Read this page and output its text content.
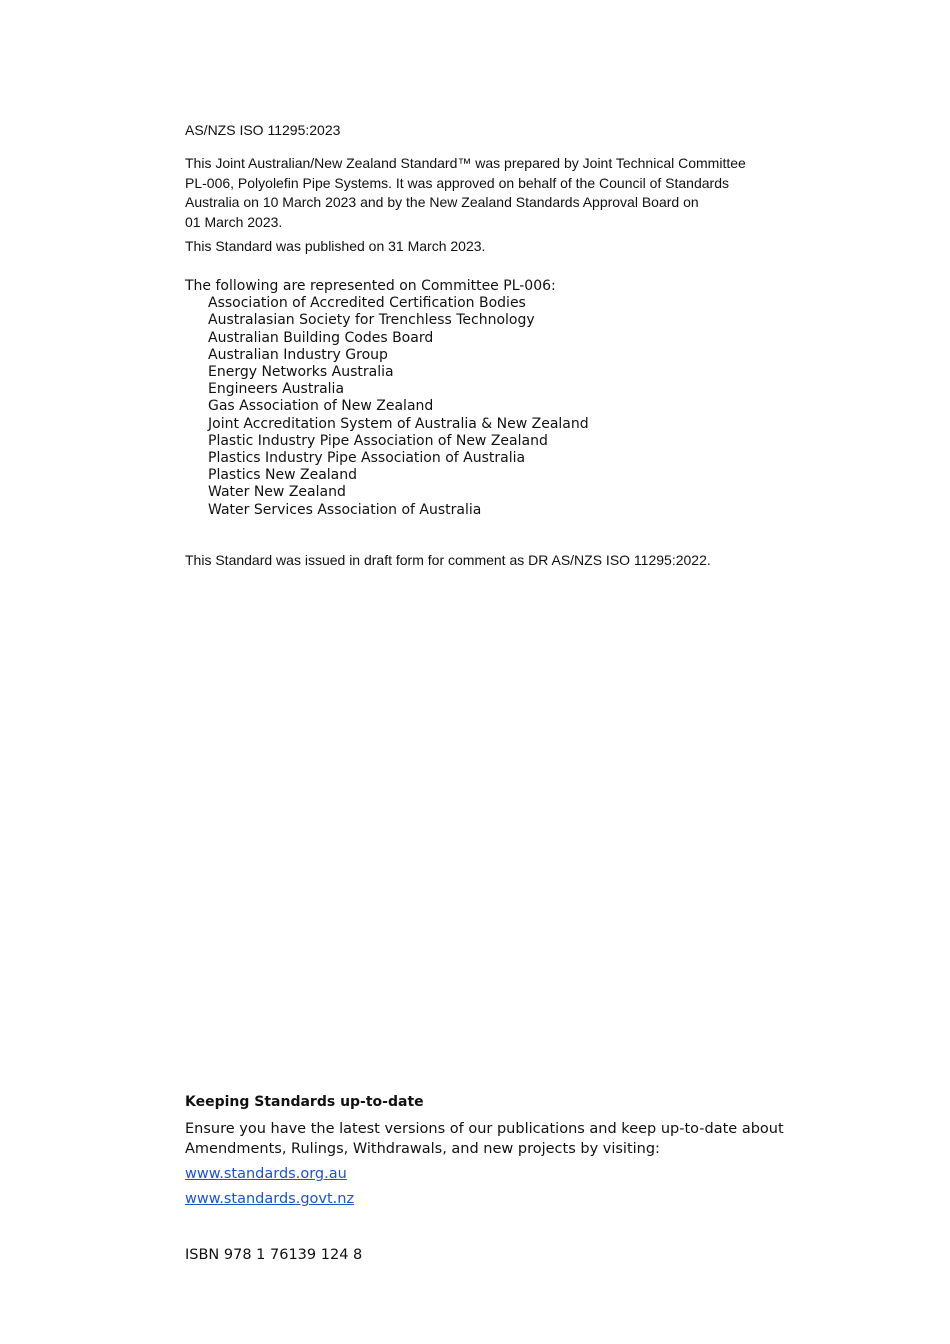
AS/NZS ISO 11295:2023

This Joint Australian/New Zealand Standard™ was prepared by Joint Technical Committee
PL-006, Polyolefin Pipe Systems. It was approved on behalf of the Council of Standards
Australia on 10 March 2023 and by the New Zealand Standards Approval Board on
01 March 2023.

This Standard was published on 31 March 2023.

The following are represented on Committee PL-006:

Association of Accredited Certification Bodies
Australasian Society for Trenchless Technology
Australian Building Codes Board
Australian Industry Group
Energy Networks Australia
Engineers Australia
Gas Association of New Zealand
Joint Accreditation System of Australia & New Zealand
Plastic Industry Pipe Association of New Zealand
Plastics Industry Pipe Association of Australia
Plastics New Zealand
Water New Zealand
Water Services Association of Australia

This Standard was issued in draft form for comment as DR AS/NZS ISO 11295:2022.

Keeping Standards up-to-date

Ensure you have the latest versions of our publications and keep up-to-date about
Amendments, Rulings, Withdrawals, and new projects by visiting:

www.standards.org.au
www.standards.govt.nz

ISBN 978 1 76139 124 8
